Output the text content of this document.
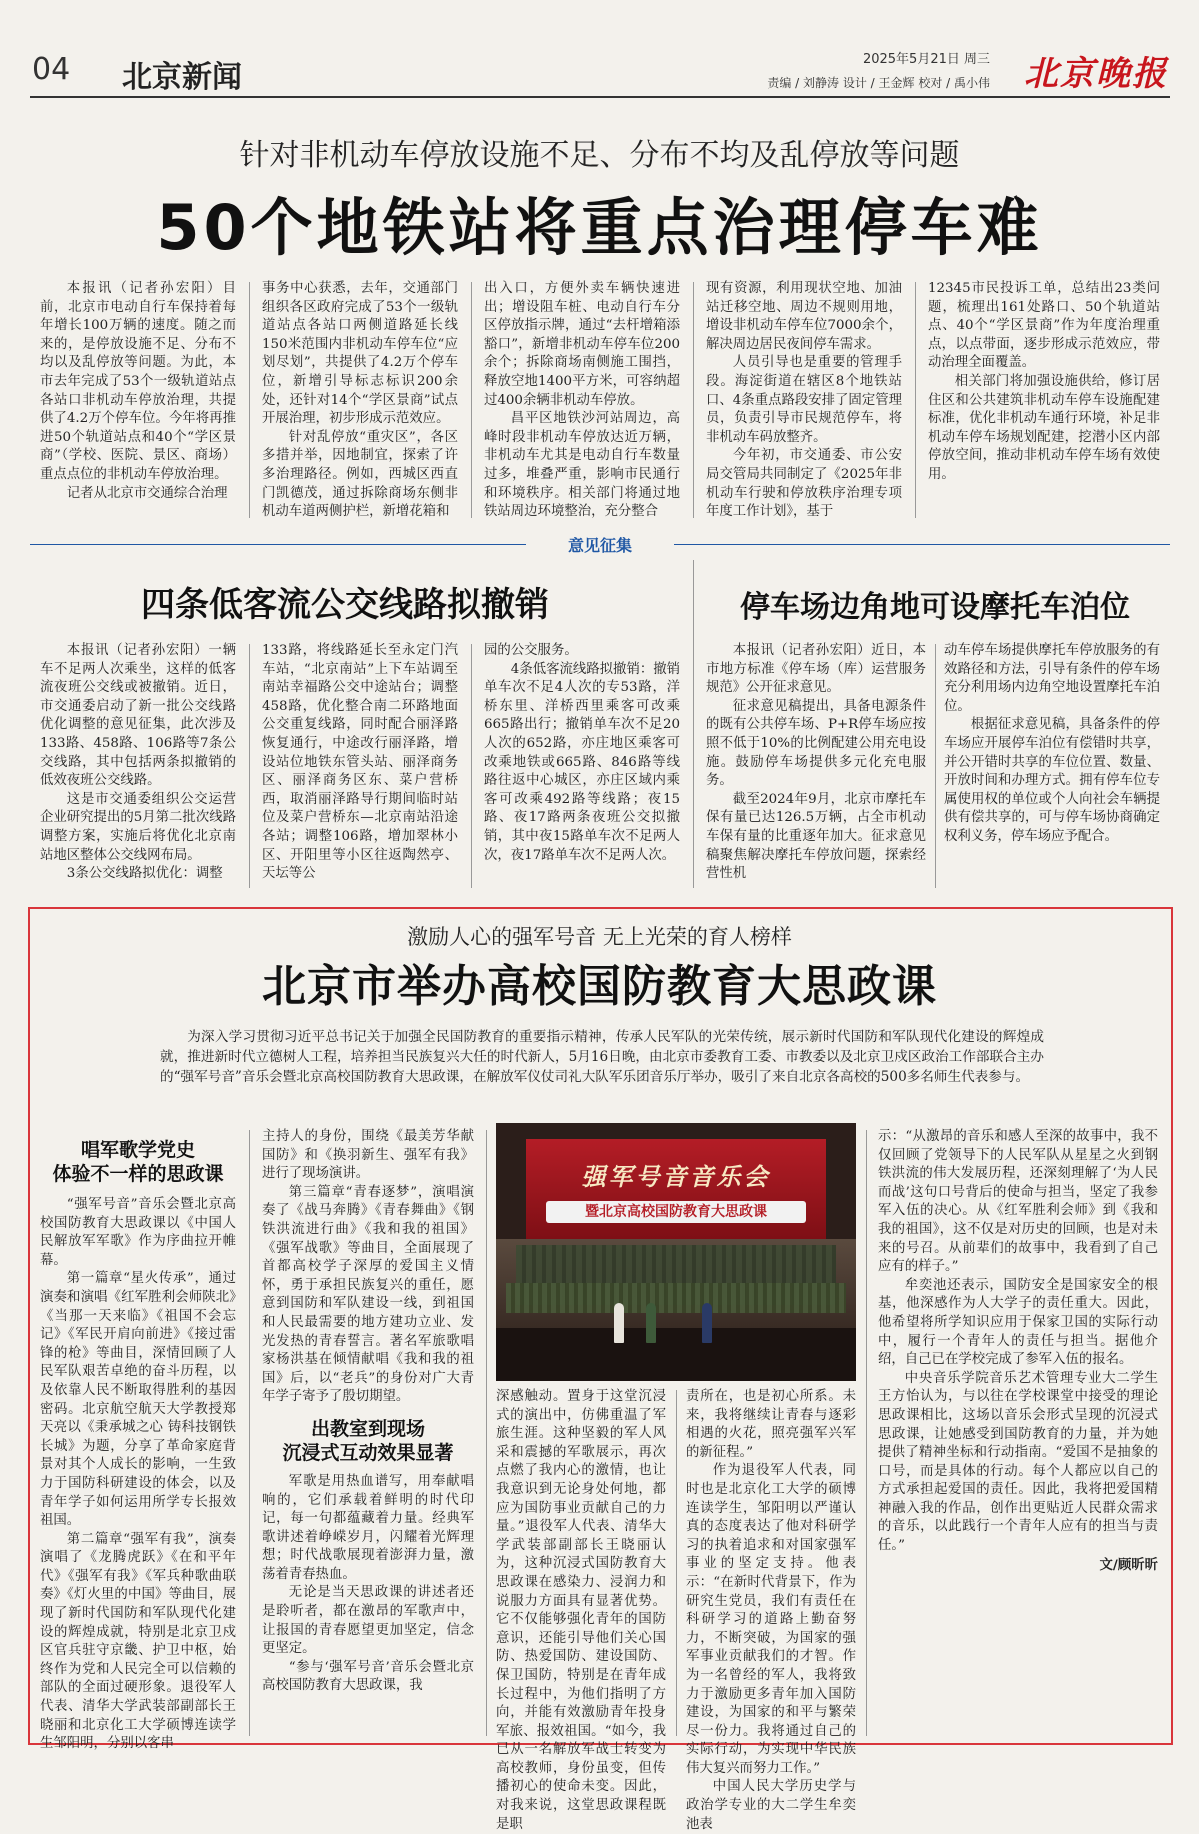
04 北京新闻
2025年5月21日 周三
责编 / 刘静涛 设计 / 王金辉 校对 / 禹小伟 北京晚报
针对非机动车停放设施不足、分布不均及乱停放等问题
50个地铁站将重点治理停车难

本报讯（记者孙宏阳）目前，北京市电动自行车保持着每年增长100万辆的速度。随之而来的，是停放设施不足、分布不均以及乱停放等问题。为此，本市去年完成了53个一级轨道站点各站口非机动车停放治理，共提供了4.2万个停车位。今年将再推进50个轨道站点和40个“学区景商”（学校、医院、景区、商场）重点点位的非机动车停放治理。

记者从北京市交通综合治理

事务中心获悉，去年，交通部门组织各区政府完成了53个一级轨道站点各站口两侧道路延长线150米范围内非机动车停车位“应划尽划”，共提供了4.2万个停车位，新增引导标志标识200余处，还针对14个“学区景商”试点开展治理，初步形成示范效应。

针对乱停放“重灾区”，各区多措并举，因地制宜，探索了许多治理路径。例如，西城区西直门凯德茂，通过拆除商场东侧非机动车道两侧护栏，新增花箱和

出入口，方便外卖车辆快速进出；增设阻车桩、电动自行车分区停放指示牌，通过“去杆增箱添豁口”，新增非机动车停车位200余个；拆除商场南侧施工围挡，释放空地1400平方米，可容纳超过400余辆非机动车停放。

昌平区地铁沙河站周边，高峰时段非机动车停放达近万辆，非机动车尤其是电动自行车数量过多，堆叠严重，影响市民通行和环境秩序。相关部门将通过地铁站周边环境整治，充分整合

现有资源，利用现状空地、加油站迁移空地、周边不规则用地，增设非机动车停车位7000余个，解决周边居民夜间停车需求。

人员引导也是重要的管理手段。海淀街道在辖区8个地铁站口、4条重点路段安排了固定管理员，负责引导市民规范停车，将非机动车码放整齐。

今年初，市交通委、市公安局交管局共同制定了《2025年非机动车行驶和停放秩序治理专项年度工作计划》，基于

12345市民投诉工单，总结出23类问题，梳理出161处路口、50个轨道站点、40个“学区景商”作为年度治理重点，以点带面，逐步形成示范效应，带动治理全面覆盖。

相关部门将加强设施供给，修订居住区和公共建筑非机动车停车设施配建标准，优化非机动车通行环境，补足非机动车停车场规划配建，挖潜小区内部停放空间，推动非机动车停车场有效使用。

意见征集
四条低客流公交线路拟撤销

本报讯（记者孙宏阳）一辆车不足两人次乘坐，这样的低客流夜班公交线或被撤销。近日，市交通委启动了新一批公交线路优化调整的意见征集，此次涉及133路、458路、106路等7条公交线路，其中包括两条拟撤销的低效夜班公交线路。

这是市交通委组织公交运营企业研究提出的5月第二批次线路调整方案，实施后将优化北京南站地区整体公交线网布局。

3条公交线路拟优化：调整

133路，将线路延长至永定门汽车站，“北京南站”上下车站调至南站幸福路公交中途站台；调整458路，优化整合南二环路地面公交重复线路，同时配合丽泽路恢复通行，中途改行丽泽路，增设站位地铁东管头站、丽泽商务区、丽泽商务区东、菜户营桥西，取消丽泽路导行期间临时站位及菜户营桥东—北京南站沿途各站；调整106路，增加翠林小区、开阳里等小区往返陶然亭、天坛等公

园的公交服务。

4条低客流线路拟撤销：撤销单车次不足4人次的专53路，洋桥东里、洋桥西里乘客可改乘665路出行；撤销单车次不足20人次的652路，亦庄地区乘客可改乘地铁或665路、846路等线路往返中心城区，亦庄区域内乘客可改乘492路等线路；夜15路、夜17路两条夜班公交拟撤销，其中夜15路单车次不足两人次，夜17路单车次不足两人次。

停车场边角地可设摩托车泊位

本报讯（记者孙宏阳）近日，本市地方标准《停车场（库）运营服务规范》公开征求意见。

征求意见稿提出，具备电源条件的既有公共停车场、P+R停车场应按照不低于10%的比例配建公用充电设施。鼓励停车场提供多元化充电服务。

截至2024年9月，北京市摩托车保有量已达126.5万辆，占全市机动车保有量的比重逐年加大。征求意见稿聚焦解决摩托车停放问题，探索经营性机

动车停车场提供摩托车停放服务的有效路径和方法，引导有条件的停车场充分利用场内边角空地设置摩托车泊位。

根据征求意见稿，具备条件的停车场应开展停车泊位有偿错时共享，并公开错时共享的车位位置、数量、开放时间和办理方式。拥有停车位专属使用权的单位或个人向社会车辆提供有偿共享的，可与停车场协商确定权利义务，停车场应予配合。

激励人心的强军号音 无上光荣的育人榜样
北京市举办高校国防教育大思政课

为深入学习贯彻习近平总书记关于加强全民国防教育的重要指示精神，传承人民军队的光荣传统，展示新时代国防和军队现代化建设的辉煌成就，推进新时代立德树人工程，培养担当民族复兴大任的时代新人，5月16日晚，由北京市委教育工委、市教委以及北京卫戍区政治工作部联合主办的“强军号音”音乐会暨北京高校国防教育大思政课，在解放军仪仗司礼大队军乐团音乐厅举办，吸引了来自北京各高校的500多名师生代表参与。

唱军歌学党史
体验不一样的思政课

“强军号音”音乐会暨北京高校国防教育大思政课以《中国人民解放军军歌》作为序曲拉开帷幕。

第一篇章“星火传承”，通过演奏和演唱《红军胜利会师陕北》《当那一天来临》《祖国不会忘记》《军民开肩向前进》《接过雷锋的枪》等曲目，深情回顾了人民军队艰苦卓绝的奋斗历程，以及依靠人民不断取得胜利的基因密码。北京航空航天大学教授郑天亮以《秉承城之心 铸科技钢铁长城》为题，分享了革命家庭背景对其个人成长的影响，一生致力于国防科研建设的体会，以及青年学子如何运用所学专长报效祖国。

第二篇章“强军有我”，演奏演唱了《龙腾虎跃》《在和平年代》《强军有我》《军兵种歌曲联奏》《灯火里的中国》等曲目，展现了新时代国防和军队现代化建设的辉煌成就，特别是北京卫戍区官兵驻守京畿、护卫中枢，始终作为党和人民完全可以信赖的部队的全面过硬形象。退役军人代表、清华大学武装部副部长王晓丽和北京化工大学硕博连读学生邹阳明，分别以客串

主持人的身份，围绕《最美芳华献国防》和《换羽新生、强军有我》进行了现场演讲。

第三篇章“青春逐梦”，演唱演奏了《战马奔腾》《青春舞曲》《钢铁洪流进行曲》《我和我的祖国》《强军战歌》等曲目，全面展现了首都高校学子深厚的爱国主义情怀，勇于承担民族复兴的重任，愿意到国防和军队建设一线，到祖国和人民最需要的地方建功立业、发光发热的青春誓言。著名军旅歌唱家杨洪基在倾情献唱《我和我的祖国》后，以“老兵”的身份对广大青年学子寄予了殷切期望。

出教室到现场
沉浸式互动效果显著

军歌是用热血谱写，用奉献唱响的，它们承载着鲜明的时代印记，每一句都蕴藏着力量。经典军歌讲述着峥嵘岁月，闪耀着光辉理想；时代战歌展现着澎湃力量，激荡着青春热血。

无论是当天思政课的讲述者还是聆听者，都在激昂的军歌声中，让报国的青春愿望更加坚定，信念更坚定。

“参与‘强军号音’音乐会暨北京高校国防教育大思政课，我

强军号音音乐会
暨北京高校国防教育大思政课

深感触动。置身于这堂沉浸式的演出中，仿佛重温了军旅生涯。这种坚毅的军人风采和震撼的军歌展示，再次点燃了我内心的激情，也让我意识到无论身处何地，都应为国防事业贡献自己的力量。”退役军人代表、清华大学武装部副部长王晓丽认为，这种沉浸式国防教育大思政课在感染力、浸润力和说服力方面具有显著优势。它不仅能够强化青年的国防意识，还能引导他们关心国防、热爱国防、建设国防、保卫国防，特别是在青年成长过程中，为他们指明了方向，并能有效激励青年投身军旅、报效祖国。“如今，我已从一名解放军战士转变为高校教师，身份虽变，但传播初心的使命未变。因此，对我来说，这堂思政课程既是职

责所在，也是初心所系。未来，我将继续让青春与逐彩相遇的火花，照亮强军兴军的新征程。”

作为退役军人代表，同时也是北京化工大学的硕博连读学生，邹阳明以严谨认真的态度表达了他对科研学习的执着追求和对国家强军事业的坚定支持。他表示：“在新时代背景下，作为研究生党员，我们有责任在科研学习的道路上勤奋努力，不断突破，为国家的强军事业贡献我们的才智。作为一名曾经的军人，我将致力于激励更多青年加入国防建设，为国家的和平与繁荣尽一份力。我将通过自己的实际行动，为实现中华民族伟大复兴而努力工作。”

中国人民大学历史学与政治学专业的大二学生牟奕池表

示：“从激昂的音乐和感人至深的故事中，我不仅回顾了党领导下的人民军队从星星之火到钢铁洪流的伟大发展历程，还深刻理解了‘为人民而战’这句口号背后的使命与担当，坚定了我参军入伍的决心。从《红军胜利会师》到《我和我的祖国》，这不仅是对历史的回顾，也是对未来的号召。从前辈们的故事中，我看到了自己应有的样子。”

牟奕池还表示，国防安全是国家安全的根基，他深感作为人大学子的责任重大。因此，他希望将所学知识应用于保家卫国的实际行动中，履行一个青年人的责任与担当。据他介绍，自己已在学校完成了参军入伍的报名。

中央音乐学院音乐艺术管理专业大二学生王方怡认为，与以往在学校课堂中接受的理论思政课相比，这场以音乐会形式呈现的沉浸式思政课，让她感受到国防教育的力量，并为她提供了精神坐标和行动指南。“爱国不是抽象的口号，而是具体的行动。每个人都应以自己的方式承担起爱国的责任。因此，我将把爱国精神融入我的作品，创作出更贴近人民群众需求的音乐，以此践行一个青年人应有的担当与责任。”

文/顾昕昕
